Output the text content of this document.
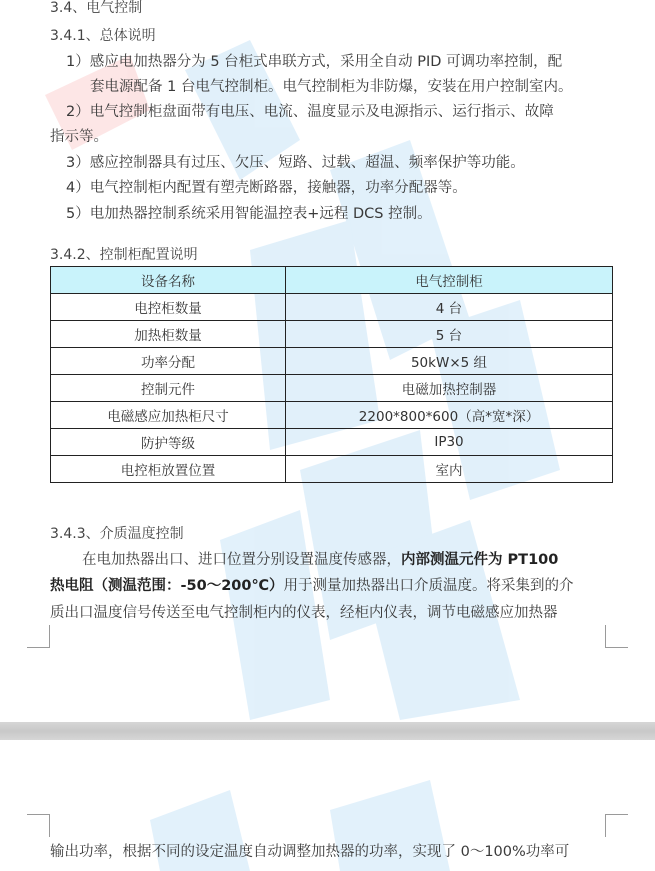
3.4、电气控制
3.4.1、总体说明
1）感应电加热器分为 5 台柜式串联方式，采用全自动 PID 可调功率控制，配
套电源配备 1 台电气控制柜。电气控制柜为非防爆，安装在用户控制室内。
2）电气控制柜盘面带有电压、电流、温度显示及电源指示、运行指示、故障
指示等。
3）感应控制器具有过压、欠压、短路、过载、超温、频率保护等功能。
4）电气控制柜内配置有塑壳断路器，接触器，功率分配器等。
5）电加热器控制系统采用智能温控表+远程 DCS 控制。
3.4.2、控制柜配置说明
设备名称	电气控制柜
电控柜数量	4 台
加热柜数量	5 台
功率分配	50kW×5 组
控制元件	电磁加热控制器
电磁感应加热柜尺寸	2200*800*600（高*宽*深）
防护等级	IP30
电控柜放置位置	室内
3.4.3、介质温度控制
在电加热器出口、进口位置分别设置温度传感器，内部测温元件为 PT100
热电阻（测温范围：-50～200℃）用于测量加热器出口介质温度。将采集到的介
质出口温度信号传送至电气控制柜内的仪表，经柜内仪表，调节电磁感应加热器
输出功率，根据不同的设定温度自动调整加热器的功率，实现了 0～100%功率可
